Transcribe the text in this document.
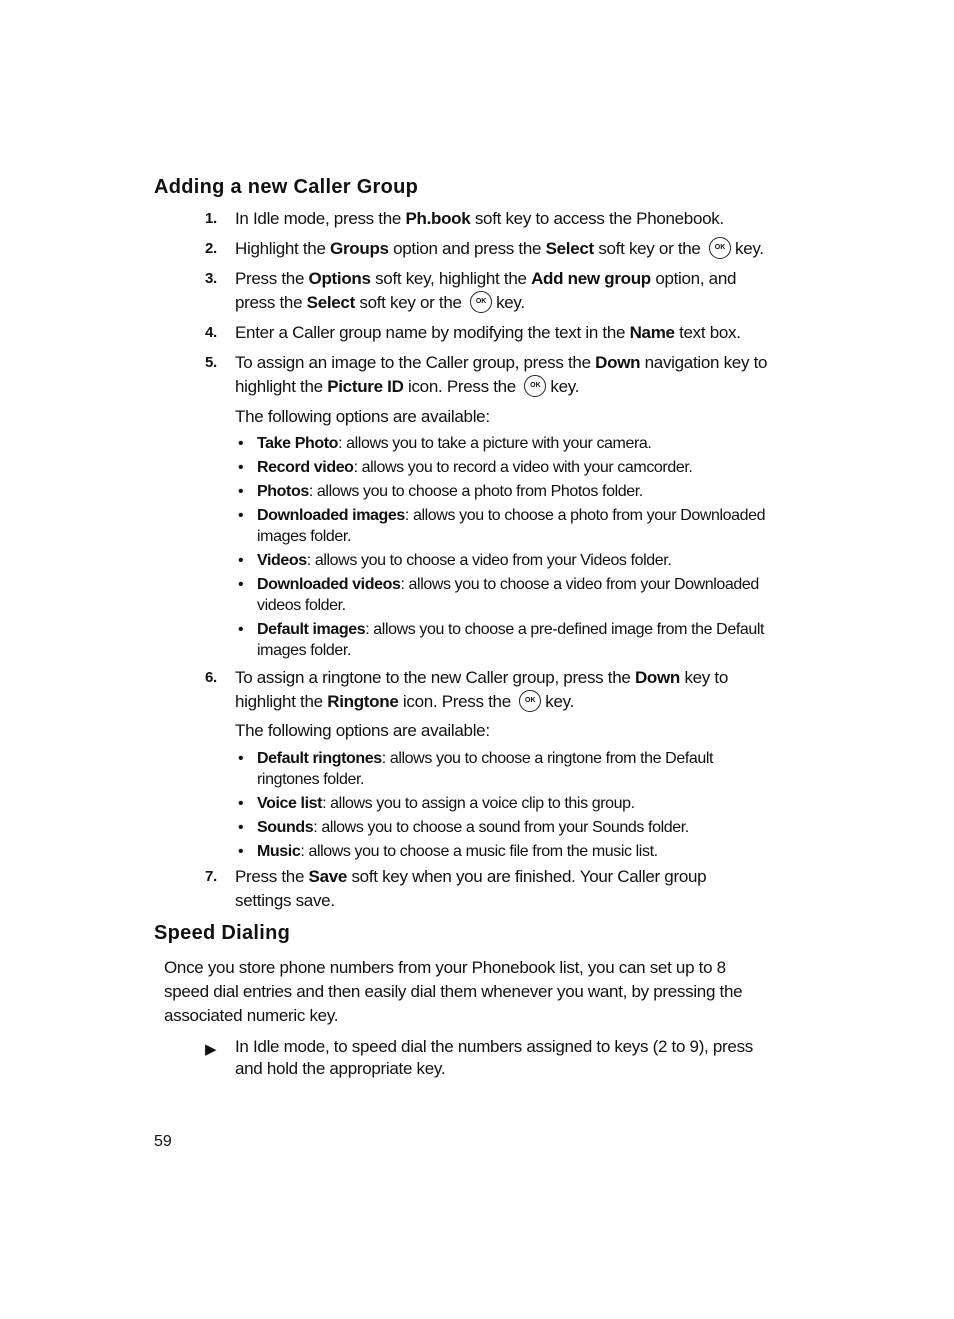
Adding a new Caller Group
1. In Idle mode, press the Ph.book soft key to access the Phonebook.
2. Highlight the Groups option and press the Select soft key or the OK key.
3. Press the Options soft key, highlight the Add new group option, and press the Select soft key or the OK key.
4. Enter a Caller group name by modifying the text in the Name text box.
5. To assign an image to the Caller group, press the Down navigation key to highlight the Picture ID icon. Press the OK key.
The following options are available:
• Take Photo: allows you to take a picture with your camera.
• Record video: allows you to record a video with your camcorder.
• Photos: allows you to choose a photo from Photos folder.
• Downloaded images: allows you to choose a photo from your Downloaded images folder.
• Videos: allows you to choose a video from your Videos folder.
• Downloaded videos: allows you to choose a video from your Downloaded videos folder.
• Default images: allows you to choose a pre-defined image from the Default images folder.
6. To assign a ringtone to the new Caller group, press the Down key to highlight the Ringtone icon. Press the OK key.
The following options are available:
• Default ringtones: allows you to choose a ringtone from the Default ringtones folder.
• Voice list: allows you to assign a voice clip to this group.
• Sounds: allows you to choose a sound from your Sounds folder.
• Music: allows you to choose a music file from the music list.
7. Press the Save soft key when you are finished. Your Caller group settings save.
Speed Dialing
Once you store phone numbers from your Phonebook list, you can set up to 8 speed dial entries and then easily dial them whenever you want, by pressing the associated numeric key.
▶ In Idle mode, to speed dial the numbers assigned to keys (2 to 9), press and hold the appropriate key.
59
